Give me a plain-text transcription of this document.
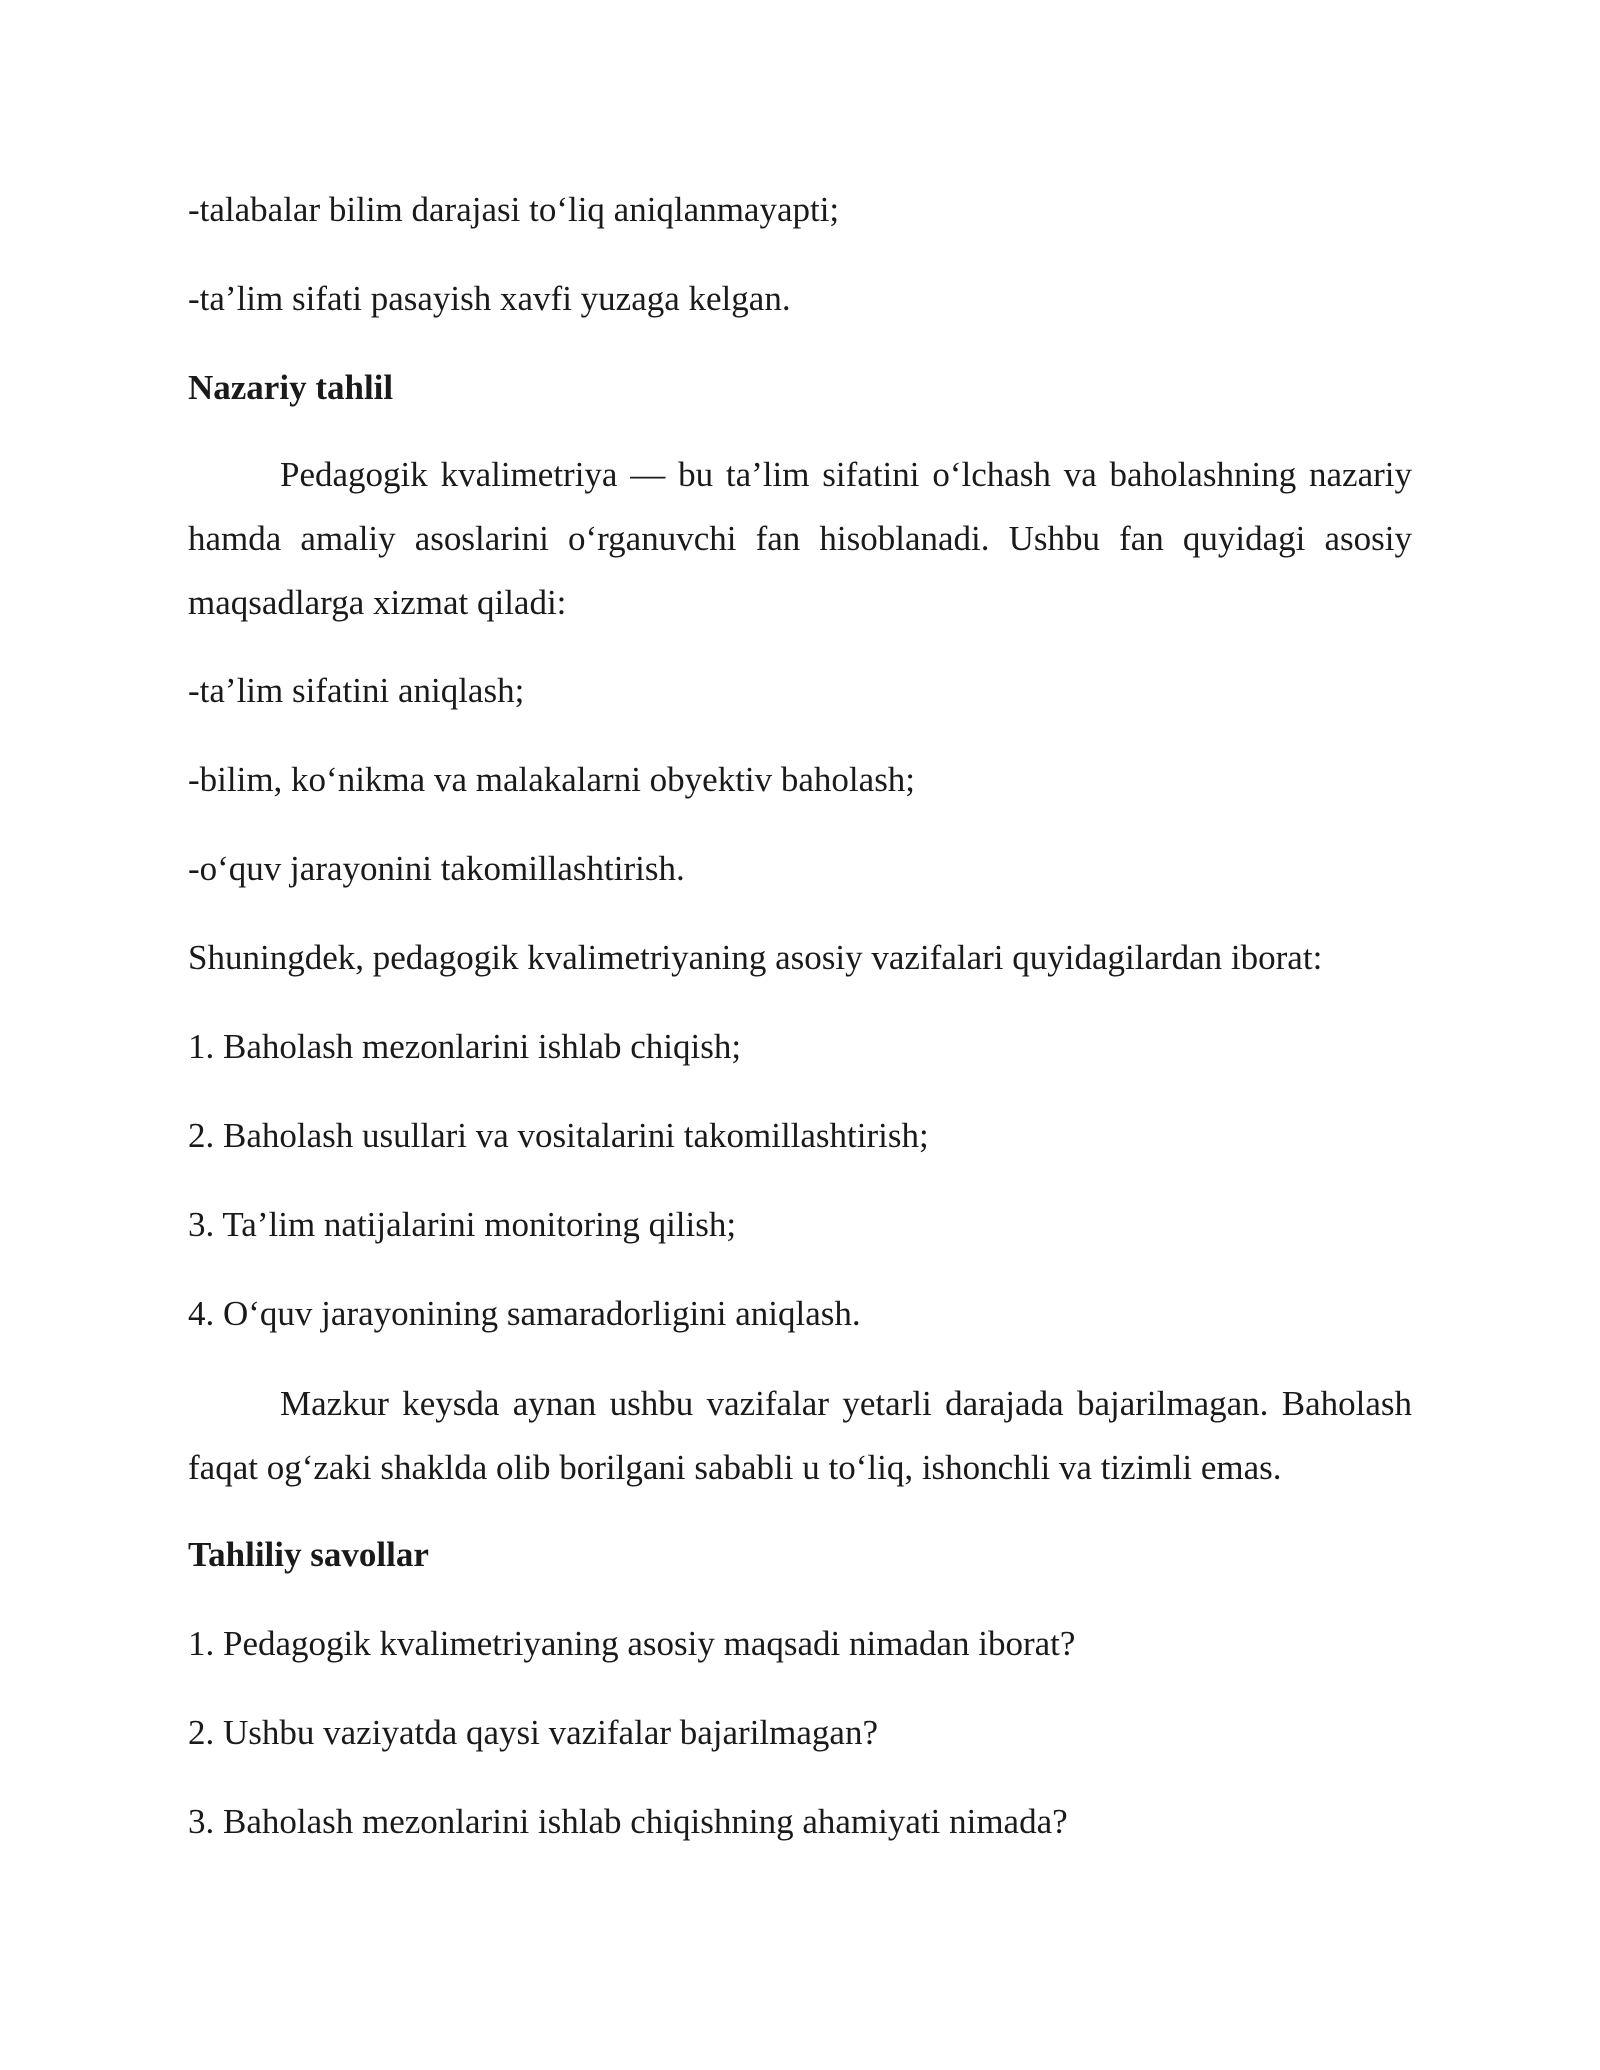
-talabalar bilim darajasi to‘liq aniqlanmayapti;
-ta’lim sifati pasayish xavfi yuzaga kelgan.
Nazariy tahlil
Pedagogik kvalimetriya — bu ta’lim sifatini o‘lchash va baholashning nazariy hamda amaliy asoslarini o‘rganuvchi fan hisoblanadi. Ushbu fan quyidagi asosiy maqsadlarga xizmat qiladi:
-ta’lim sifatini aniqlash;
-bilim, ko‘nikma va malakalarni obyektiv baholash;
-o‘quv jarayonini takomillashtirish.
Shuningdek, pedagogik kvalimetriyaning asosiy vazifalari quyidagilardan iborat:
1. Baholash mezonlarini ishlab chiqish;
2. Baholash usullari va vositalarini takomillashtirish;
3. Ta’lim natijalarini monitoring qilish;
4. O‘quv jarayonining samaradorligini aniqlash.
Mazkur keysda aynan ushbu vazifalar yetarli darajada bajarilmagan. Baholash faqat og‘zaki shaklda olib borilgani sababli u to‘liq, ishonchli va tizimli emas.
Tahliliy savollar
1. Pedagogik kvalimetriyaning asosiy maqsadi nimadan iborat?
2. Ushbu vaziyatda qaysi vazifalar bajarilmagan?
3. Baholash mezonlarini ishlab chiqishning ahamiyati nimada?
